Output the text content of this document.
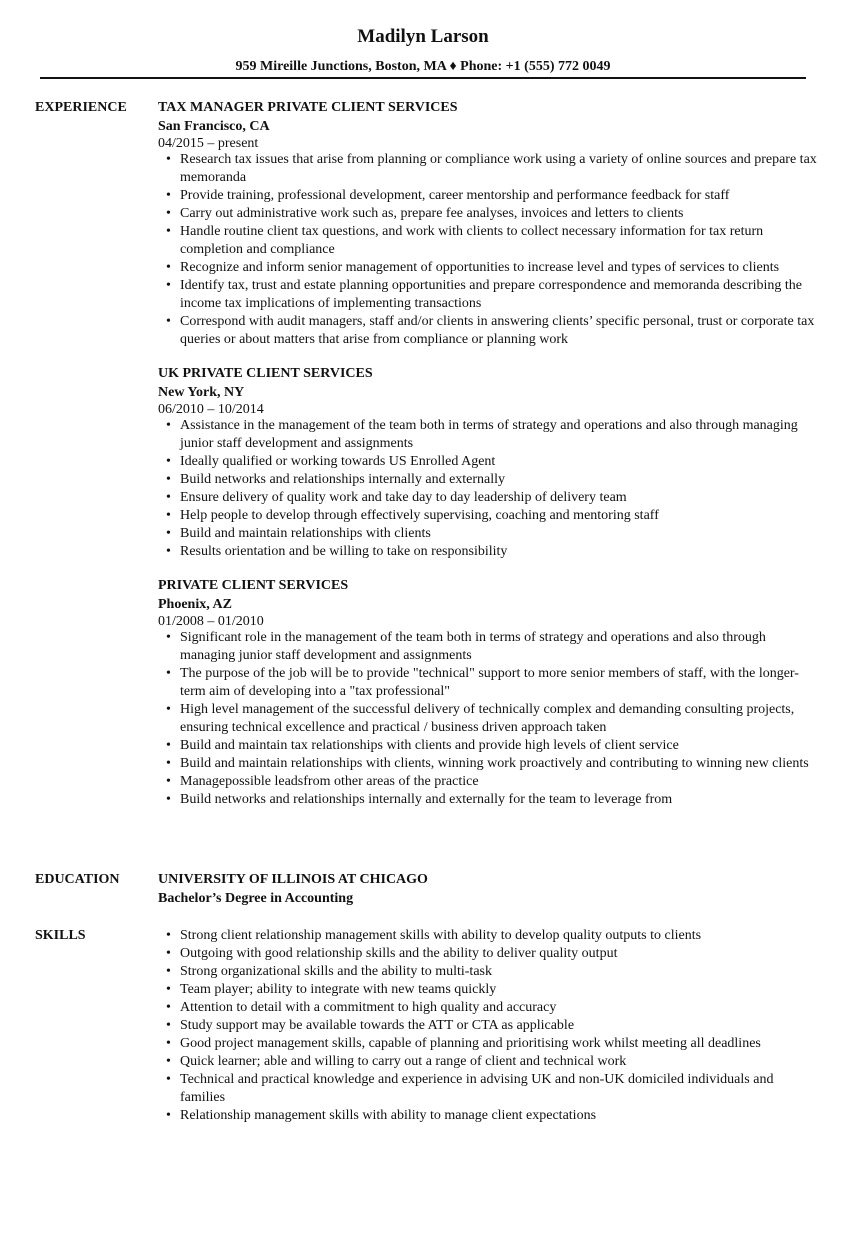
Madilyn Larson
959 Mireille Junctions, Boston, MA ♦ Phone: +1 (555) 772 0049
EXPERIENCE TAX MANAGER PRIVATE CLIENT SERVICES
San Francisco, CA
04/2015 – present
• Research tax issues that arise from planning or compliance work using a variety of online sources and prepare tax memoranda
• Provide training, professional development, career mentorship and performance feedback for staff
• Carry out administrative work such as, prepare fee analyses, invoices and letters to clients
• Handle routine client tax questions, and work with clients to collect necessary information for tax return completion and compliance
• Recognize and inform senior management of opportunities to increase level and types of services to clients
• Identify tax, trust and estate planning opportunities and prepare correspondence and memoranda describing the income tax implications of implementing transactions
• Correspond with audit managers, staff and/or clients in answering clients’ specific personal, trust or corporate tax queries or about matters that arise from compliance or planning work
UK PRIVATE CLIENT SERVICES
New York, NY
06/2010 – 10/2014
• Assistance in the management of the team both in terms of strategy and operations and also through managing junior staff development and assignments
• Ideally qualified or working towards US Enrolled Agent
• Build networks and relationships internally and externally
• Ensure delivery of quality work and take day to day leadership of delivery team
• Help people to develop through effectively supervising, coaching and mentoring staff
• Build and maintain relationships with clients
• Results orientation and be willing to take on responsibility
PRIVATE CLIENT SERVICES
Phoenix, AZ
01/2008 – 01/2010
• Significant role in the management of the team both in terms of strategy and operations and also through managing junior staff development and assignments
• The purpose of the job will be to provide "technical" support to more senior members of staff, with the longer-term aim of developing into a "tax professional"
• High level management of the successful delivery of technically complex and demanding consulting projects, ensuring technical excellence and practical / business driven approach taken
• Build and maintain tax relationships with clients and provide high levels of client service
• Build and maintain relationships with clients, winning work proactively and contributing to winning new clients
• Managepossible leadsfrom other areas of the practice
• Build networks and relationships internally and externally for the team to leverage from
EDUCATION	UNIVERSITY OF ILLINOIS AT CHICAGO
Bachelor’s Degree in Accounting
SKILLS
•	Strong client relationship management skills with ability to develop quality outputs to clients
• Outgoing with good relationship skills and the ability to deliver quality output
• Strong organizational skills and the ability to multi-task
• Team player; ability to integrate with new teams quickly
• Attention to detail with a commitment to high quality and accuracy
• Study support may be available towards the ATT or CTA as applicable
• Good project management skills, capable of planning and prioritising work whilst meeting all deadlines
• Quick learner; able and willing to carry out a range of client and technical work
• Technical and practical knowledge and experience in advising UK and non-UK domiciled individuals and families
• Relationship management skills with ability to manage client expectations
